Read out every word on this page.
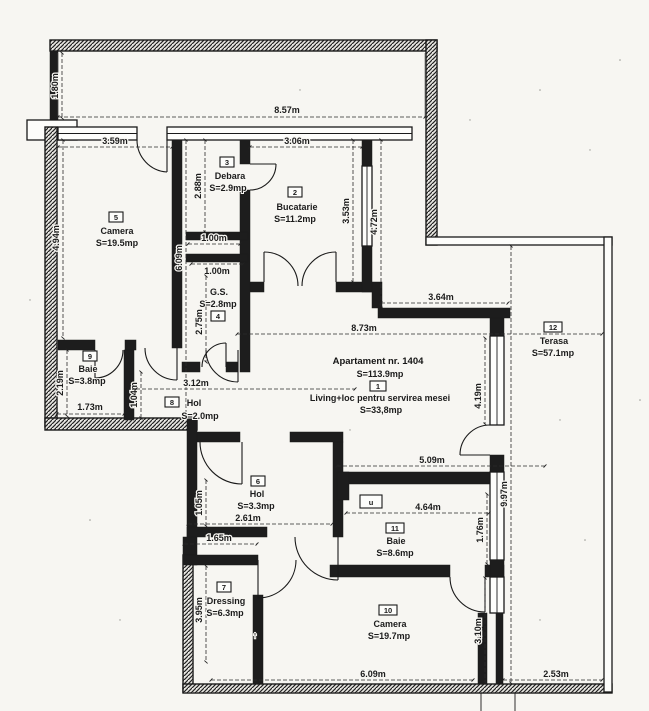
1.80m
8.57m
3.59m	3.06m
2.88m
1.00m
1.00m
2.75m
6.09m
4.94m
2.19m
1.73m	1.04m	3.12m
3.53m 4.72m
3.64m
8.73m
4.19m
5.09m
4.64m
2.61m
1.05m
1.65m	1.76m
9.97m
3.95m
3.10m
6.09m	2.53m
5
Camera
S=19.5mp
3
Debara
S=2.9mp	2
Bucatarie
S=11.2mp
G.S.
S=2.8mp
4
Apartament nr. 1404
S=113.9mp
1
Living+loc pentru servirea mesei
S=33,8mp
12
Terasa
S=57.1mp
9
Baie
S=3.8mp
8 Hol
S=2.0mp
6
Hol
S=3.3mp
11
Baie
S=8.6mp
7
Dressing
S=6.3mp	10
Camera
S=19.7mp
u
↑
